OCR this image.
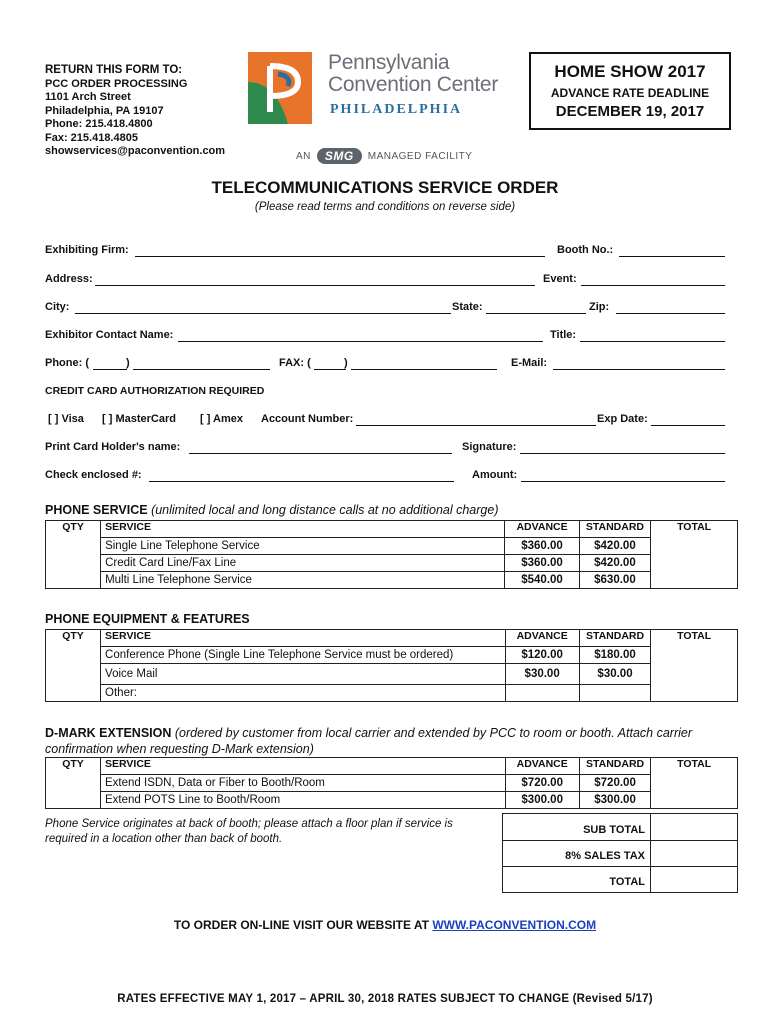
RETURN THIS FORM TO:
PCC ORDER PROCESSING
1101 Arch Street
Philadelphia, PA 19107
Phone: 215.418.4800
Fax: 215.418.4805
showservices@paconvention.com
Pennsylvania
Convention Center
PHILADELPHIA
AN	SMG	MANAGED FACILITY
HOME SHOW 2017
ADVANCE RATE DEADLINE
DECEMBER 19, 2017
TELECOMMUNICATIONS SERVICE ORDER
(Please read terms and conditions on reverse side)
Exhibiting Firm:	Booth No.:
Address:	Event:
City:	State:	Zip:
Exhibitor Contact Name:	Title:
Phone: (	)	FAX: (	)	E-Mail:
CREDIT CARD AUTHORIZATION REQUIRED
[ ] Visa [ ] MasterCard [ ] Amex Account Number:	Exp Date:
Print Card Holder's name:	Signature:
Check enclosed #:	Amount:
PHONE SERVICE (unlimited local and long distance calls at no additional charge)
QTY	SERVICE	ADVANCE	STANDARD	TOTAL
	Single Line Telephone Service	$360.00	$420.00	
	Credit Card Line/Fax Line	$360.00	$420.00	
	Multi Line Telephone Service	$540.00	$630.00	
PHONE EQUIPMENT & FEATURES
QTY	SERVICE	ADVANCE	STANDARD	TOTAL
	Conference Phone (Single Line Telephone Service must be ordered)	$120.00	$180.00	
	Voice Mail	$30.00	$30.00	
	Other:			
D-MARK EXTENSION (ordered by customer from local carrier and extended by PCC to room or booth. Attach carrier confirmation when requesting D-Mark extension)
QTY	SERVICE	ADVANCE	STANDARD	TOTAL
	Extend ISDN, Data or Fiber to Booth/Room	$720.00	$720.00	
	Extend POTS Line to Booth/Room	$300.00	$300.00	
SUB TOTAL
8% SALES TAX
TOTAL
Phone Service originates at back of booth; please attach a floor plan if service is required in a location other than back of booth.
TO ORDER ON-LINE VISIT OUR WEBSITE AT WWW.PACONVENTION.COM
RATES EFFECTIVE MAY 1, 2017 – APRIL 30, 2018 RATES SUBJECT TO CHANGE (Revised 5/17)
